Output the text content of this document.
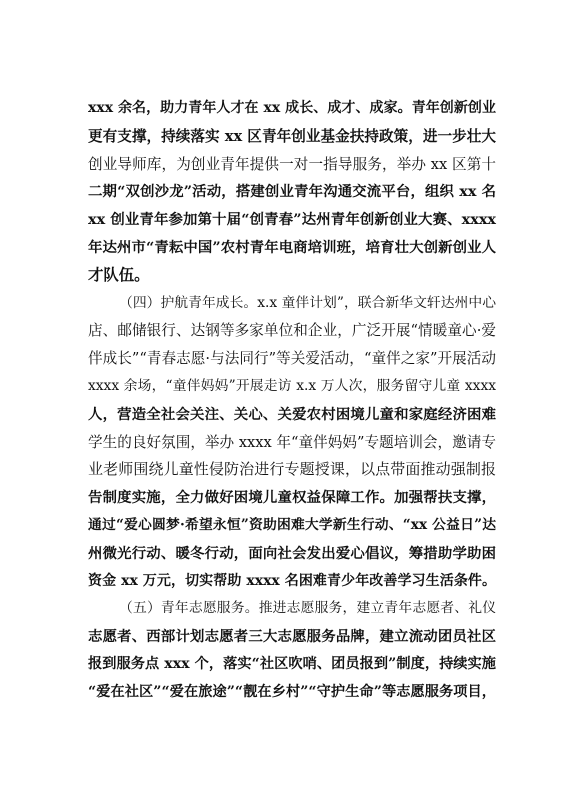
xxx 余名，助力青年人才在 xx 成长、成才、成家。青年创新创业
更有支撑，持续落实 xx 区青年创业基金扶持政策，进一步壮大
创业导师库，为创业青年提供一对一指导服务，举办 xx 区第十
二期“双创沙龙”活动，搭建创业青年沟通交流平台，组织 xx 名
xx 创业青年参加第十届“创青春”达州青年创新创业大赛、xxxx
年达州市“青耘中国”农村青年电商培训班，培育壮大创新创业人
才队伍。
（四）护航青年成长。x.x 童伴计划”，联合新华文轩达州中心
店、邮储银行、达钢等多家单位和企业，广泛开展“情暖童心·爱
伴成长”“青春志愿·与法同行”等关爱活动，“童伴之家”开展活动
xxxx 余场，“童伴妈妈”开展走访 x.x 万人次，服务留守儿童 xxxx
人，营造全社会关注、关心、关爱农村困境儿童和家庭经济困难
学生的良好氛围，举办 xxxx 年“童伴妈妈”专题培训会，邀请专
业老师围绕儿童性侵防治进行专题授课，以点带面推动强制报
告制度实施，全力做好困境儿童权益保障工作。加强帮扶支撑，
通过“爱心圆梦·希望永恒”资助困难大学新生行动、“xx 公益日”达
州微光行动、暖冬行动，面向社会发出爱心倡议，筹措助学助困
资金 xx 万元，切实帮助 xxxx 名困难青少年改善学习生活条件。
（五）青年志愿服务。推进志愿服务，建立青年志愿者、礼仪
志愿者、西部计划志愿者三大志愿服务品牌，建立流动团员社区
报到服务点 xxx 个，落实“社区吹哨、团员报到”制度，持续实施
“爱在社区”“爱在旅途”“靓在乡村”“守护生命”等志愿服务项目，
